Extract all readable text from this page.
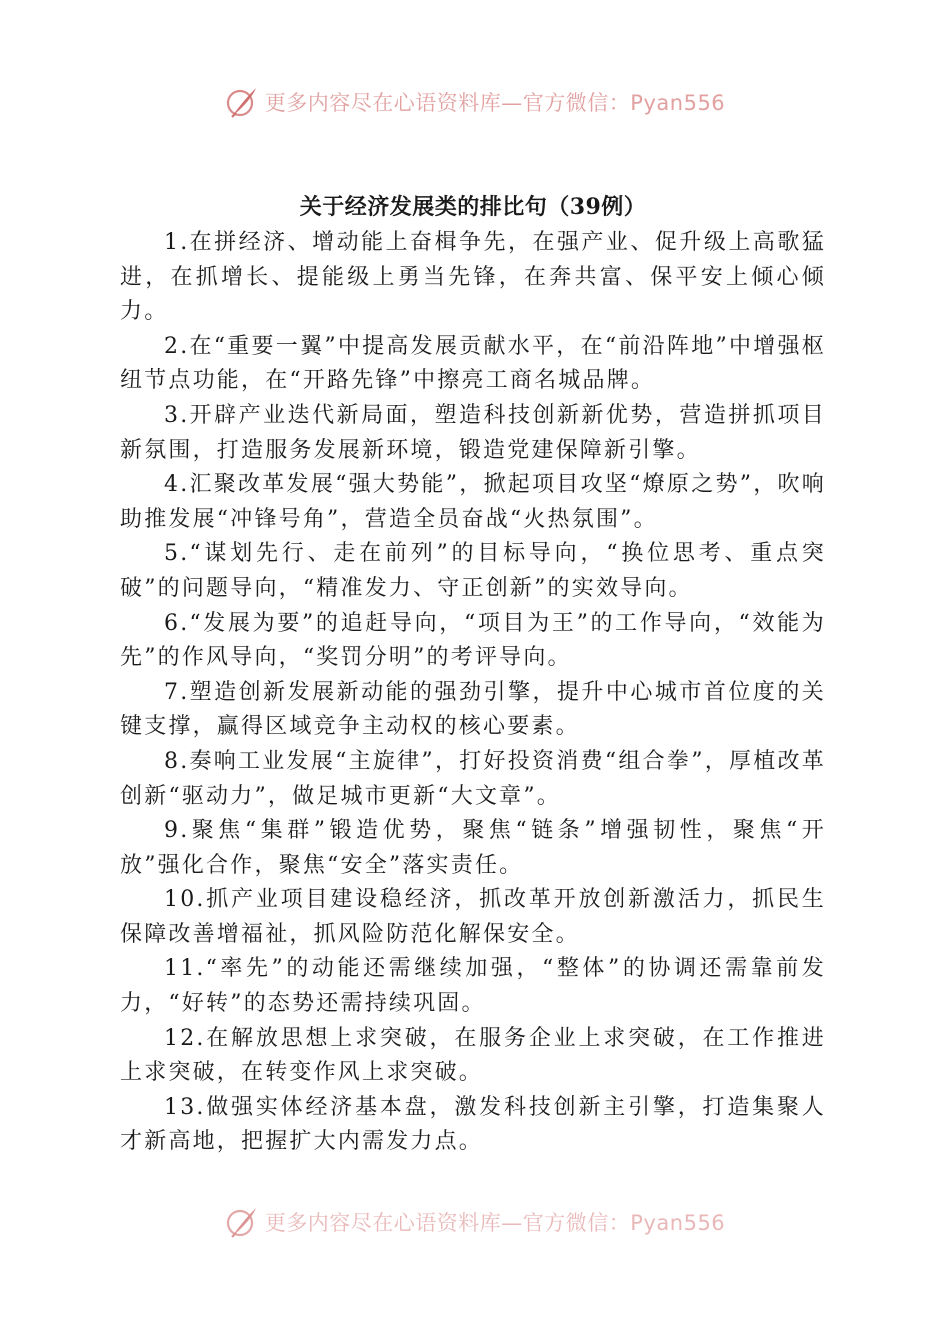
更多内容尽在心语资料库—官方微信：Pyan556
关于经济发展类的排比句（39例）

1.在拼经济、增动能上奋楫争先，在强产业、促升级上高歌猛进，在抓增长、提能级上勇当先锋，在奔共富、保平安上倾心倾力。

2.在“重要一翼”中提高发展贡献水平，在“前沿阵地”中增强枢纽节点功能，在“开路先锋”中擦亮工商名城品牌。

3.开辟产业迭代新局面，塑造科技创新新优势，营造拼抓项目新氛围，打造服务发展新环境，锻造党建保障新引擎。

4.汇聚改革发展“强大势能”，掀起项目攻坚“燎原之势”，吹响助推发展“冲锋号角”，营造全员奋战“火热氛围”。

5.“谋划先行、走在前列”的目标导向，“换位思考、重点突破”的问题导向，“精准发力、守正创新”的实效导向。

6.“发展为要”的追赶导向，“项目为王”的工作导向，“效能为先”的作风导向，“奖罚分明”的考评导向。

7.塑造创新发展新动能的强劲引擎，提升中心城市首位度的关键支撑，赢得区域竞争主动权的核心要素。

8.奏响工业发展“主旋律”，打好投资消费“组合拳”，厚植改革创新“驱动力”，做足城市更新“大文章”。

9.聚焦“集群”锻造优势，聚焦“链条”增强韧性，聚焦“开放”强化合作，聚焦“安全”落实责任。

10.抓产业项目建设稳经济，抓改革开放创新激活力，抓民生保障改善增福祉，抓风险防范化解保安全。

11.“率先”的动能还需继续加强，“整体”的协调还需靠前发力，“好转”的态势还需持续巩固。

12.在解放思想上求突破，在服务企业上求突破，在工作推进上求突破，在转变作风上求突破。

13.做强实体经济基本盘，激发科技创新主引擎，打造集聚人才新高地，把握扩大内需发力点。

更多内容尽在心语资料库—官方微信：Pyan556
